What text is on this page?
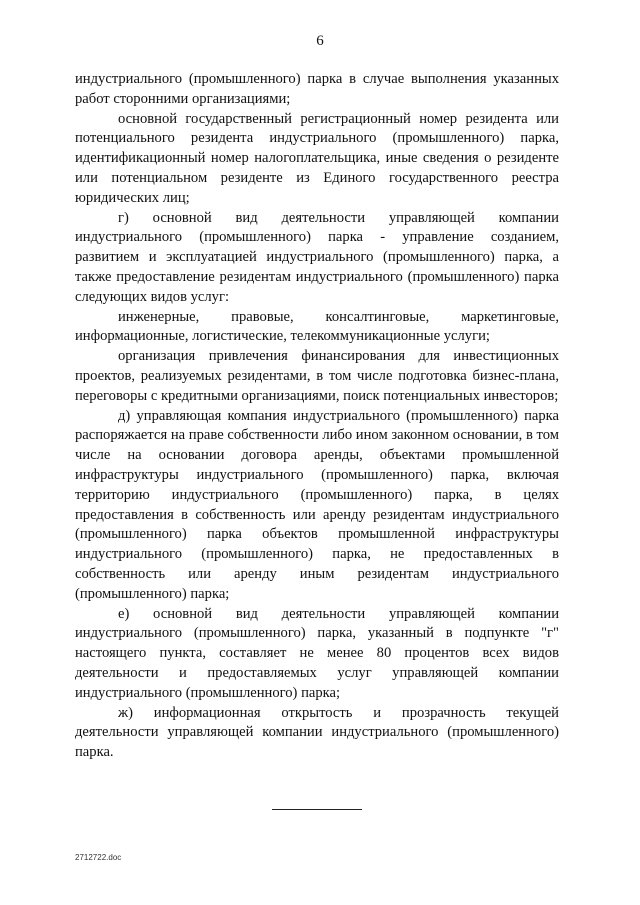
6

индустриального (промышленного) парка в случае выполнения указанных работ сторонними организациями;

основной государственный регистрационный номер резидента или потенциального резидента индустриального (промышленного) парка, идентификационный номер налогоплательщика, иные сведения о резиденте или потенциальном резиденте из Единого государственного реестра юридических лиц;

г) основной вид деятельности управляющей компании индустриального (промышленного) парка - управление созданием, развитием и эксплуатацией индустриального (промышленного) парка, а также предоставление резидентам индустриального (промышленного) парка следующих видов услуг:

инженерные, правовые, консалтинговые, маркетинговые, информационные, логистические, телекоммуникационные услуги;

организация привлечения финансирования для инвестиционных проектов, реализуемых резидентами, в том числе подготовка бизнес-плана, переговоры с кредитными организациями, поиск потенциальных инвесторов;

д) управляющая компания индустриального (промышленного) парка распоряжается на праве собственности либо ином законном основании, в том числе на основании договора аренды, объектами промышленной инфраструктуры индустриального (промышленного) парка, включая территорию индустриального (промышленного) парка, в целях предоставления в собственность или аренду резидентам индустриального (промышленного) парка объектов промышленной инфраструктуры индустриального (промышленного) парка, не предоставленных в собственность или аренду иным резидентам индустриального (промышленного) парка;

е) основной вид деятельности управляющей компании индустриального (промышленного) парка, указанный в подпункте "г" настоящего пункта, составляет не менее 80 процентов всех видов деятельности и предоставляемых услуг управляющей компании индустриального (промышленного) парка;

ж) информационная открытость и прозрачность текущей деятельности управляющей компании индустриального (промышленного) парка.

2712722.doc
